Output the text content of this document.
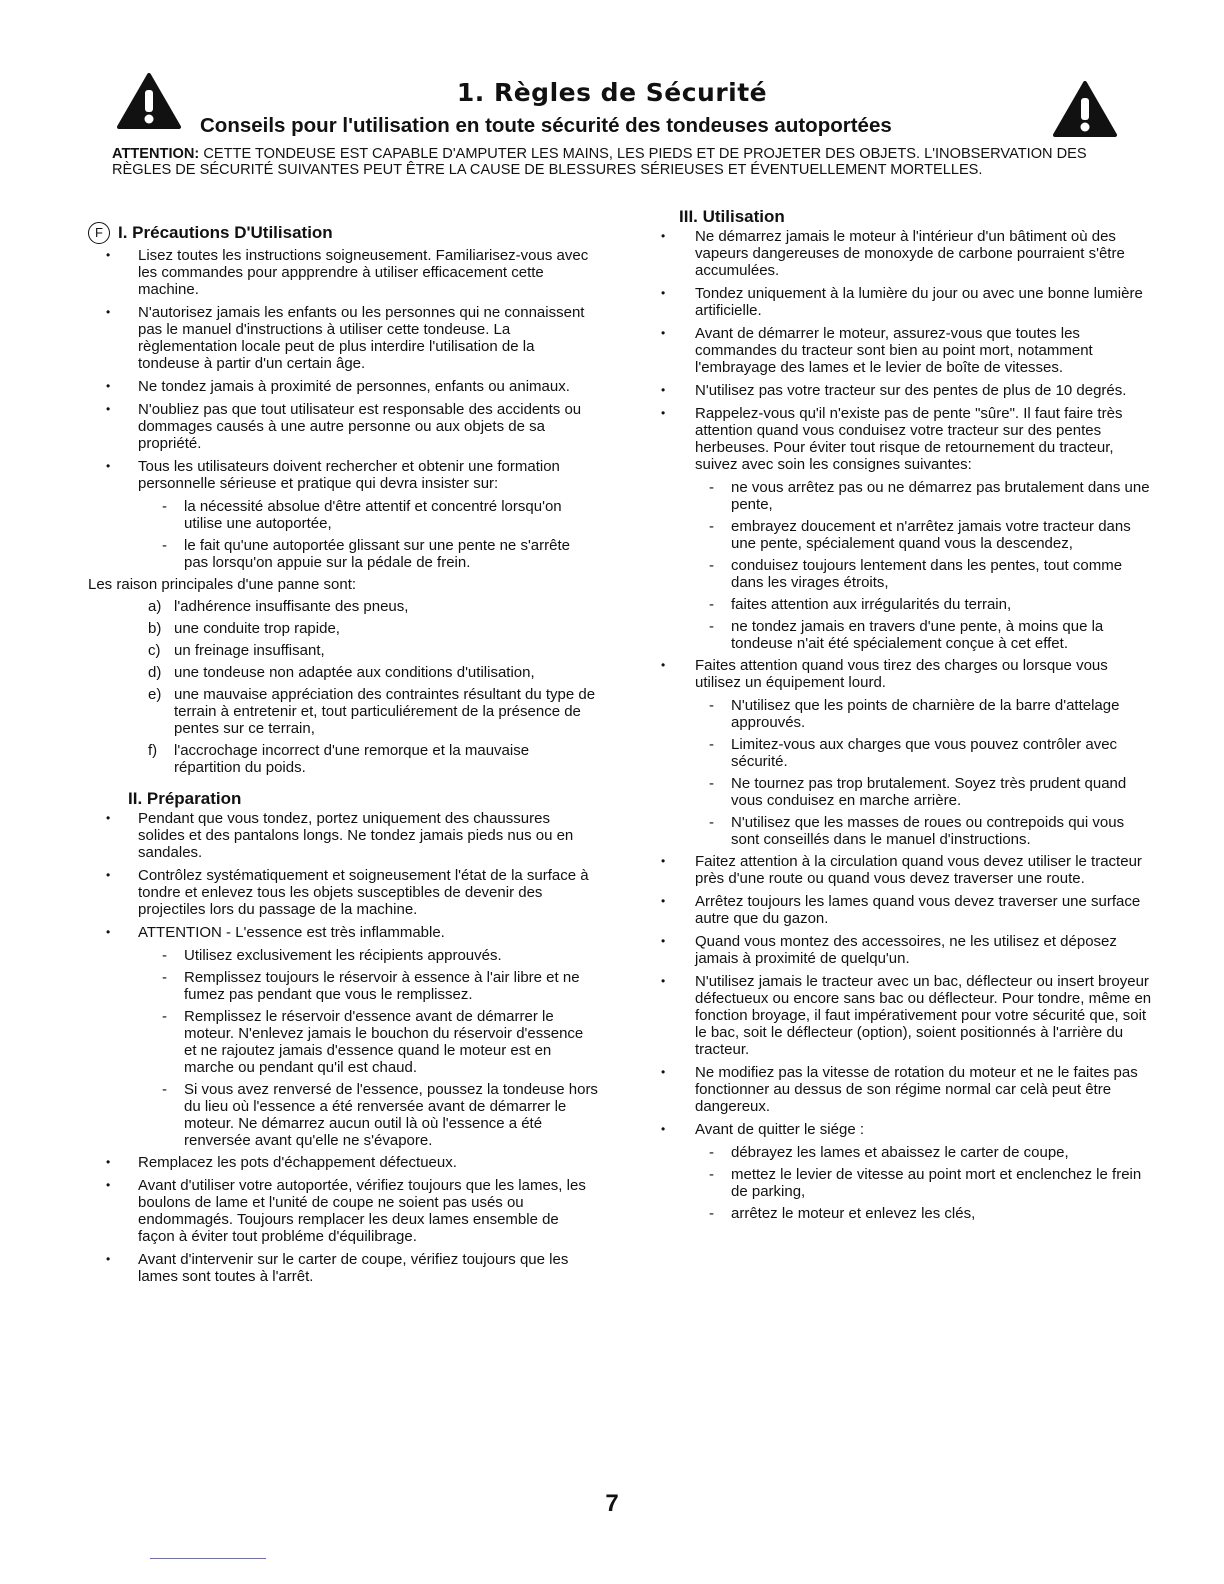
1. Règles de Sécurité
Conseils pour l'utilisation en toute sécurité des tondeuses autoportées
ATTENTION: CETTE TONDEUSE EST CAPABLE D'AMPUTER LES MAINS, LES PIEDS ET DE PROJETER DES OBJETS. L'INOBSERVATION DES RÈGLES DE SÉCURITÉ SUIVANTES PEUT ÊTRE LA CAUSE DE BLESSURES SÉRIEUSES ET ÉVENTUELLEMENT MORTELLES.
F I. Précautions D'Utilisation
• Lisez toutes les instructions soigneusement. Familiarisez-vous avec les commandes pour appprendre à utiliser efficacement cette machine.
• N'autorisez jamais les enfants ou les personnes qui ne connaissent pas le manuel d'instructions à utiliser cette tondeuse. La règlementation locale peut de plus interdire l'utilisation de la tondeuse à partir d'un certain âge.
• Ne tondez jamais à proximité de personnes, enfants ou animaux.
• N'oubliez pas que tout utilisateur est responsable des accidents ou dommages causés à une autre personne ou aux objets de sa propriété.
• Tous les utilisateurs doivent rechercher et obtenir une formation personnelle sérieuse et pratique qui devra insister sur:
- la nécessité absolue d'être attentif et concentré lorsqu'on utilise une autoportée,
- le fait qu'une autoportée glissant sur une pente ne s'arrête pas lorsqu'on appuie sur la pédale de frein.
Les raison principales d'une panne sont:
a) l'adhérence insuffisante des pneus,
b) une conduite trop rapide,
c) un freinage insuffisant,
d) une tondeuse non adaptée aux conditions d'utilisation,
e) une mauvaise appréciation des contraintes résultant du type de terrain à entretenir et, tout particuliérement de la présence de pentes sur ce terrain,
f) l'accrochage incorrect d'une remorque et la mauvaise répartition du poids.
II. Préparation
• Pendant que vous tondez, portez uniquement des chaussures solides et des pantalons longs. Ne tondez jamais pieds nus ou en sandales.
• Contrôlez systématiquement et soigneusement l'état de la surface à tondre et enlevez tous les objets susceptibles de devenir des projectiles lors du passage de la machine.
• ATTENTION - L'essence est très inflammable.
- Utilisez exclusivement les récipients approuvés.
- Remplissez toujours le réservoir à essence à l'air libre et ne fumez pas pendant que vous le remplissez.
- Remplissez le réservoir d'essence avant de démarrer le moteur. N'enlevez jamais le bouchon du réservoir d'essence et ne rajoutez jamais d'essence quand le moteur est en marche ou pendant qu'il est chaud.
- Si vous avez renversé de l'essence, poussez la tondeuse hors du lieu où l'essence a été renversée avant de démarrer le moteur. Ne démarrez aucun outil là où l'essence a été renversée avant qu'elle ne s'évapore.
• Remplacez les pots d'échappement défectueux.
• Avant d'utiliser votre autoportée, vérifiez toujours que les lames, les boulons de lame et l'unité de coupe ne soient pas usés ou endommagés. Toujours remplacer les deux lames ensemble de façon à éviter tout probléme d'équilibrage.
• Avant d'intervenir sur le carter de coupe, vérifiez toujours que les lames sont toutes à l'arrêt.
III. Utilisation
• Ne démarrez jamais le moteur à l'intérieur d'un bâtiment où des vapeurs dangereuses de monoxyde de carbone pourraient s'être accumulées.
• Tondez uniquement à la lumière du jour ou avec une bonne lumière artificielle.
• Avant de démarrer le moteur, assurez-vous que toutes les commandes du tracteur sont bien au point mort, notamment l'embrayage des lames et le levier de boîte de vitesses.
• N'utilisez pas votre tracteur sur des pentes de plus de 10 degrés.
• Rappelez-vous qu'il n'existe pas de pente "sûre". Il faut faire très attention quand vous conduisez votre tracteur sur des pentes herbeuses. Pour éviter tout risque de retournement du tracteur, suivez avec soin les consignes suivantes:
- ne vous arrêtez pas ou ne démarrez pas brutalement dans une pente,
- embrayez doucement et n'arrêtez jamais votre tracteur dans une pente, spécialement quand vous la descendez,
- conduisez toujours lentement dans les pentes, tout comme dans les virages étroits,
- faites attention aux irrégularités du terrain,
- ne tondez jamais en travers d'une pente, à moins que la tondeuse n'ait été spécialement conçue à cet effet.
• Faites attention quand vous tirez des charges ou lorsque vous utilisez un équipement lourd.
- N'utilisez que les points de charnière de la barre d'attelage approuvés.
- Limitez-vous aux charges que vous pouvez contrôler avec sécurité.
- Ne tournez pas trop brutalement. Soyez très prudent quand vous conduisez en marche arrière.
- N'utilisez que les masses de roues ou contrepoids qui vous sont conseillés dans le manuel d'instructions.
• Faitez attention à la circulation quand vous devez utiliser le tracteur près d'une route ou quand vous devez traverser une route.
• Arrêtez toujours les lames quand vous devez traverser une surface autre que du gazon.
• Quand vous montez des accessoires, ne les utilisez et déposez jamais à proximité de quelqu'un.
• N'utilisez jamais le tracteur avec un bac, déflecteur ou insert broyeur défectueux ou encore sans bac ou déflecteur. Pour tondre, même en fonction broyage, il faut impérativement pour votre sécurité que, soit le bac, soit le déflecteur (option), soient positionnés à l'arrière du tracteur.
• Ne modifiez pas la vitesse de rotation du moteur et ne le faites pas fonctionner au dessus de son régime normal car celà peut être dangereux.
• Avant de quitter le siége :
- débrayez les lames et abaissez le carter de coupe,
- mettez le levier de vitesse au point mort et enclenchez le frein de parking,
- arrêtez le moteur et enlevez les clés,
7
